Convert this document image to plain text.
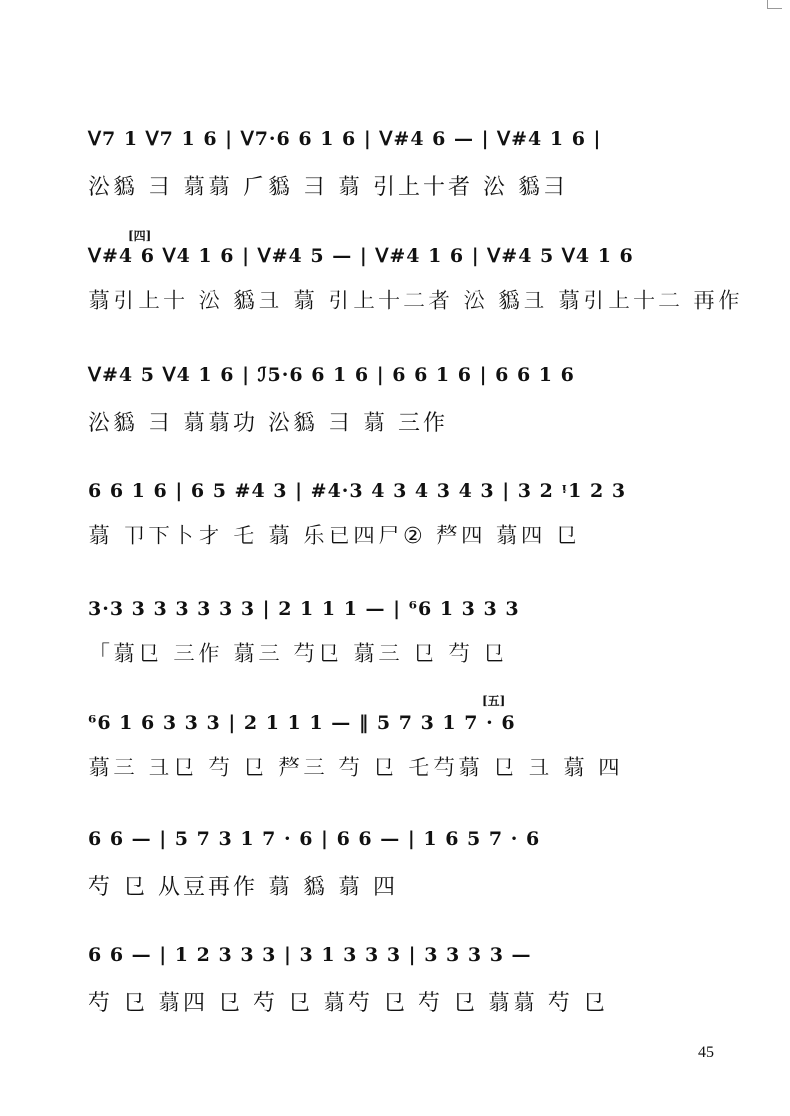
ᐯ7 1 ᐯ7 1 6 | ᐯ7·6 6 1 6 | ᐯ#4 6 — | ᐯ#4 1 6 |
㳂𧴑 彐 𦶑𦶑 𠂆𧴑 彐 𦶑 引上十者 㳂 𧴑彐
[四]
ᐯ#4 6 ᐯ4 1 6 | ᐯ#4 5 — | ᐯ#4 1 6 | ᐯ#4 5 ᐯ4 1 6
𦶑引上十 㳂 𧴑彐 𦶑 引上十二者 㳂 𧴑彐 𦶑引上十二 再作
ᐯ#4 5 ᐯ4 1 6 | ℐ5·6 6 1 6 | 6 6 1 6 | 6 6 1 6
㳂𧴑 彐 𦶑𦶑功 㳂𧴑 彐 𦶑 三作
6 6 1 6 | 6 5 #4 3 | #4·3 4 3 4 3 4 3 | 3 2 ᵎ1 2 3
𦶑 卩下卜才 乇 𦶑 乐已四尸② 𠩺四 𦶑四 㔾
3·3 3 3 3 3 3 3 | 2 1 1 1 — | ⁶6 1 3 3 3
「𦶑㔾 三作 𦶑三 芍㔾 𦶑三 㔾 芍 㔾
[五]
⁶6 1 6 3 3 3 | 2 1 1 1 — ‖ 5 7 3 1 7 · 6
𦶑三 彐㔾 芍 㔾 𠩺三 芍 㔾 乇芍𦶑 㔾 彐 𦶑 四
6 6 — | 5 7 3 1 7 · 6 | 6 6 — | 1 6 5 7 · 6
芍 㔾 从豆再作 𦶑 𧴑 𦶑 四
6 6 — | 1 2 3 3 3 | 3 1 3 3 3 | 3 3 3 3 —
芍 㔾 𦶑四 㔾 芍 㔾 𦶑芍 㔾 芍 㔾 𦶑𦶑 芍 㔾
45
